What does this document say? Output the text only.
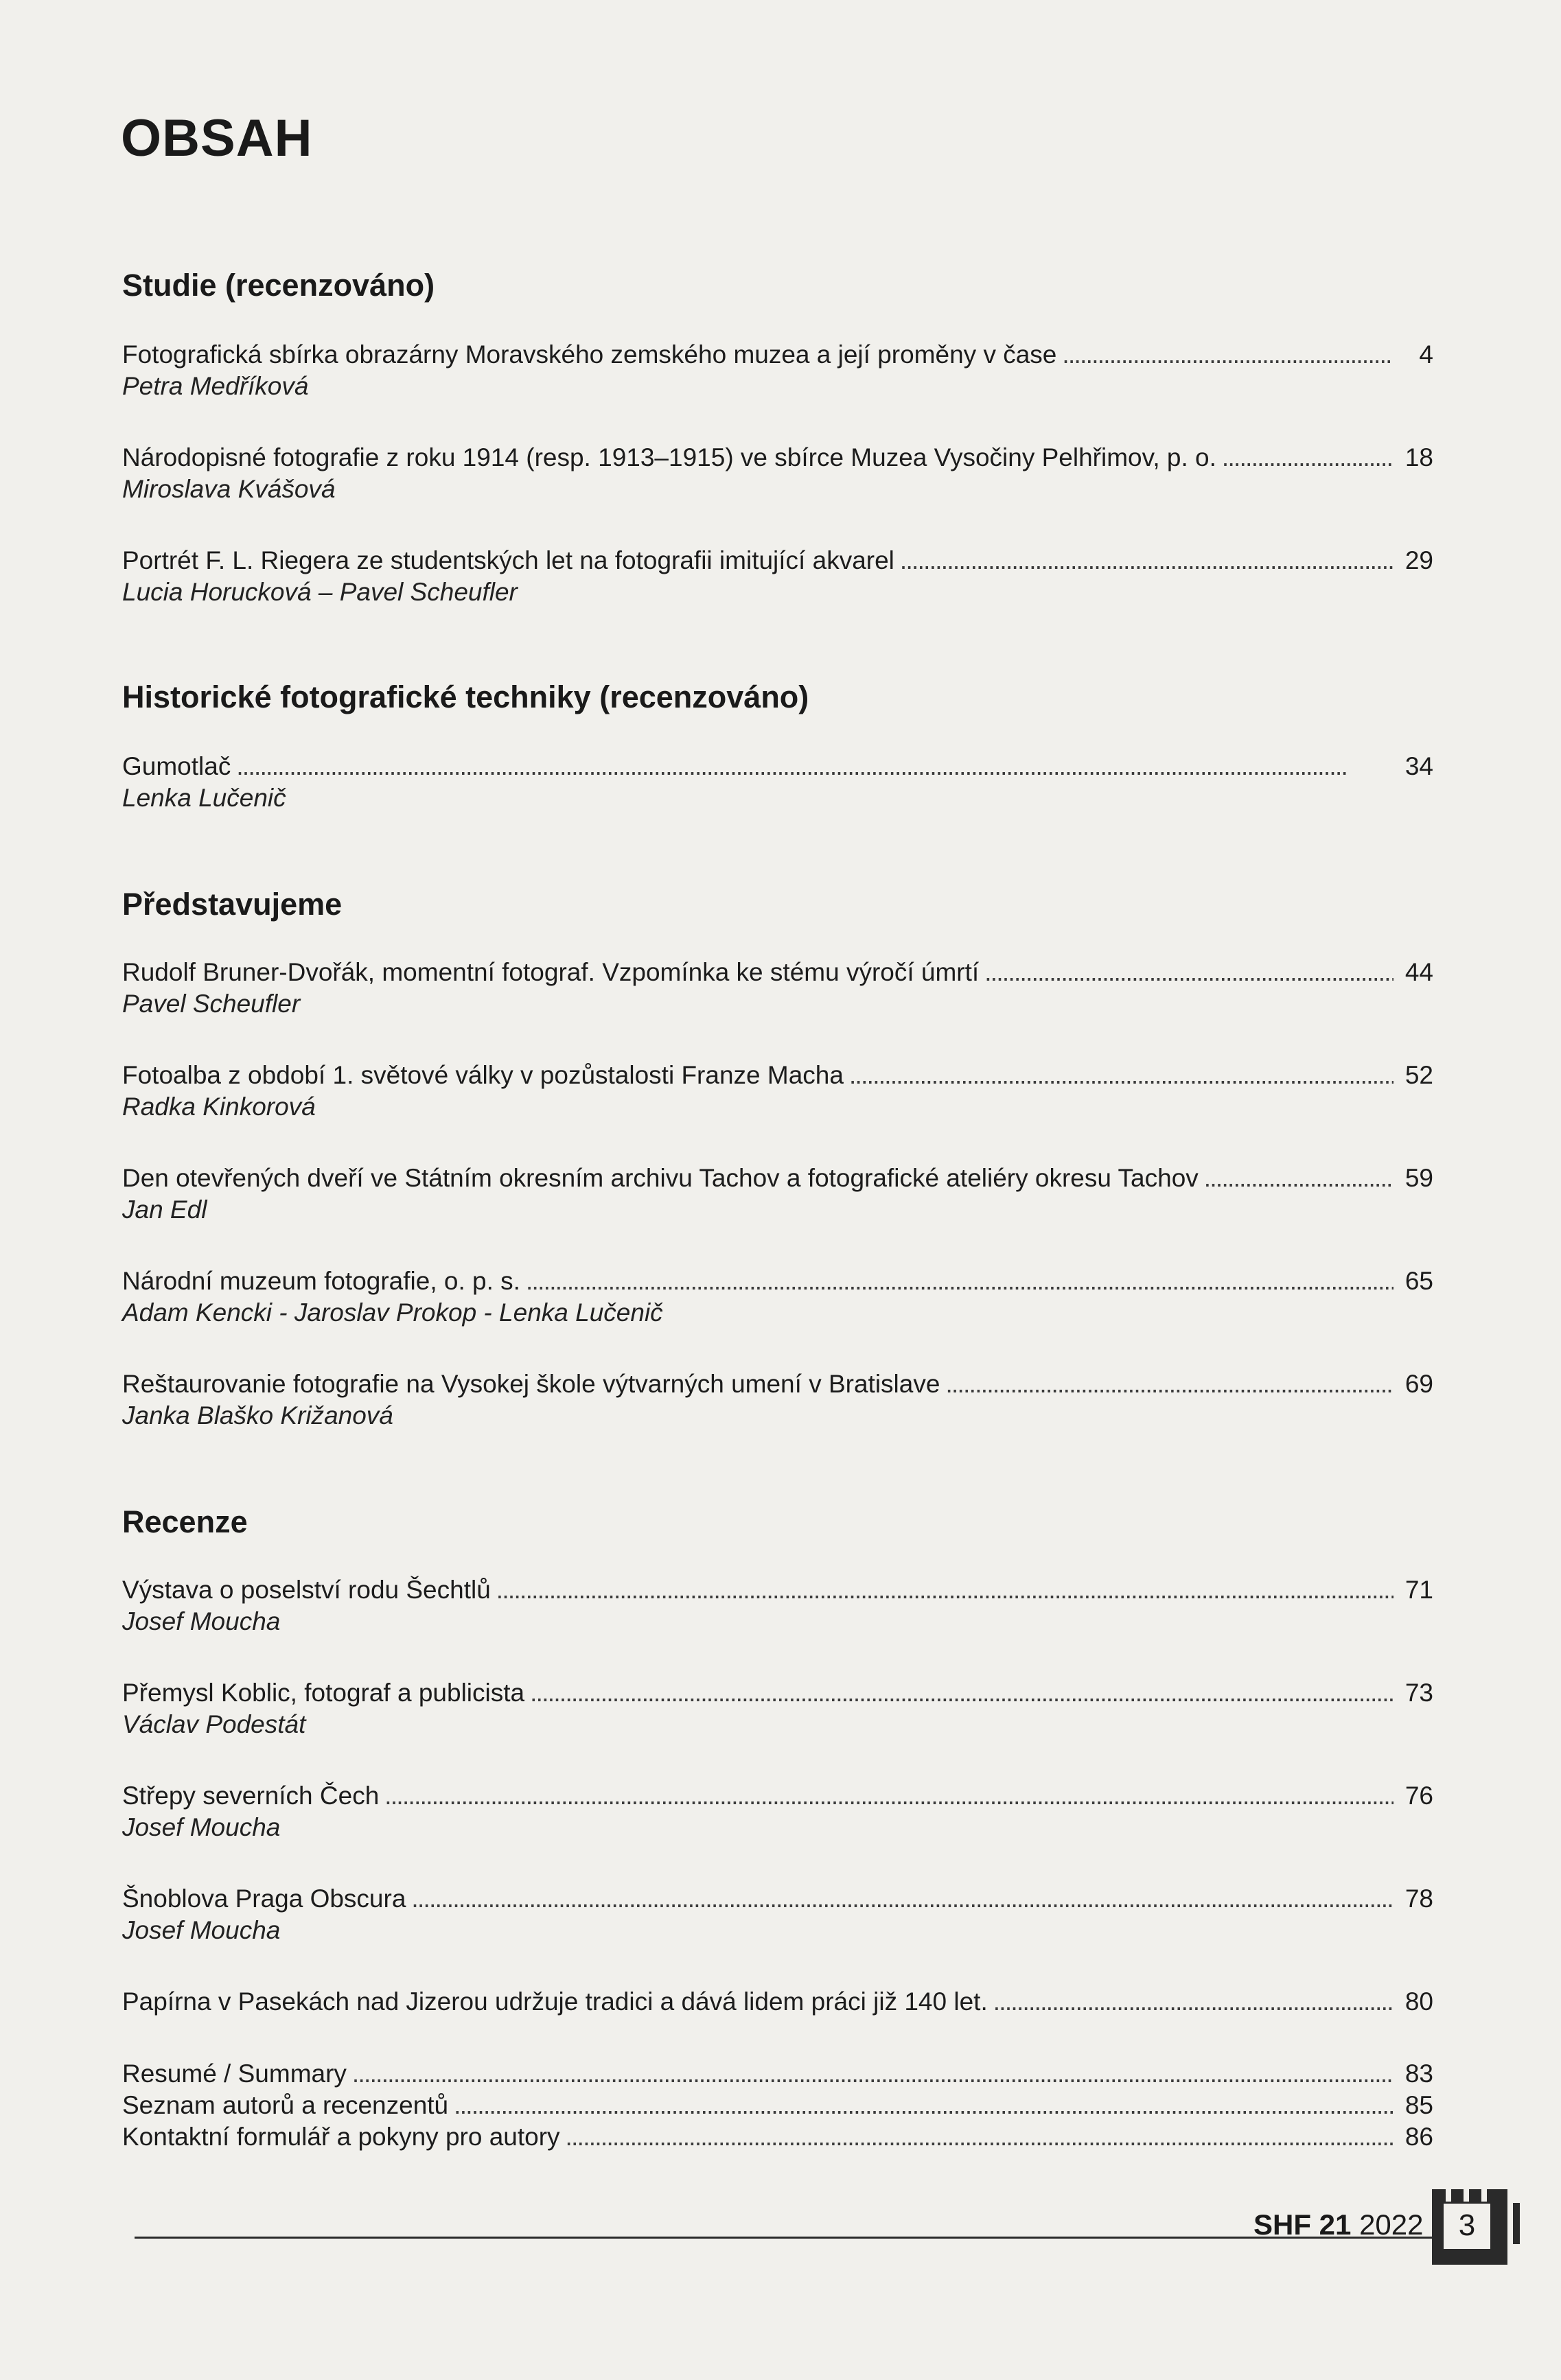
OBSAH
Studie (recenzováno)
Fotografická sbírka obrazárny Moravského zemského muzea a její proměny v čase . . .	4
Petra Medříková
Národopisné fotografie z roku 1914 (resp. 1913–1915) ve sbírce Muzea Vysočiny Pelhřimov, p. o. . . .	18
Miroslava Kvášová
Portrét F. L. Riegera ze studentských let na fotografii imitující akvarel . . .	29
Lucia Horucková – Pavel Scheufler
Historické fotografické techniky (recenzováno)
Gumotlač . . .	34
Lenka Lučenič
Představujeme
Rudolf Bruner-Dvořák, momentní fotograf. Vzpomínka ke stému výročí úmrtí . . .	44
Pavel Scheufler
Fotoalba z období 1. světové války v pozůstalosti Franze Macha . . .	52
Radka Kinkorová
Den otevřených dveří ve Státním okresním archivu Tachov a fotografické ateliéry okresu Tachov . . .	59
Jan Edl
Národní muzeum fotografie, o. p. s. . . .	65
Adam Kencki - Jaroslav Prokop - Lenka Lučenič
Reštaurovanie fotografie na Vysokej škole výtvarných umení v Bratislave . . .	69
Janka Blaško Križanová
Recenze
Výstava o poselství rodu Šechtlů . . .	71
Josef Moucha
Přemysl Koblic, fotograf a publicista . . .	73
Václav Podestát
Střepy severních Čech . . .	76
Josef Moucha
Šnoblova Praga Obscura . . .	78
Josef Moucha
Papírna v Pasekách nad Jizerou udržuje tradici a dává lidem práci již 140 let. . . .	80
Resumé / Summary . . .	83
Seznam autorů a recenzentů . . .	85
Kontaktní formulář a pokyny pro autory . . .	86
SHF 21 2022	3
